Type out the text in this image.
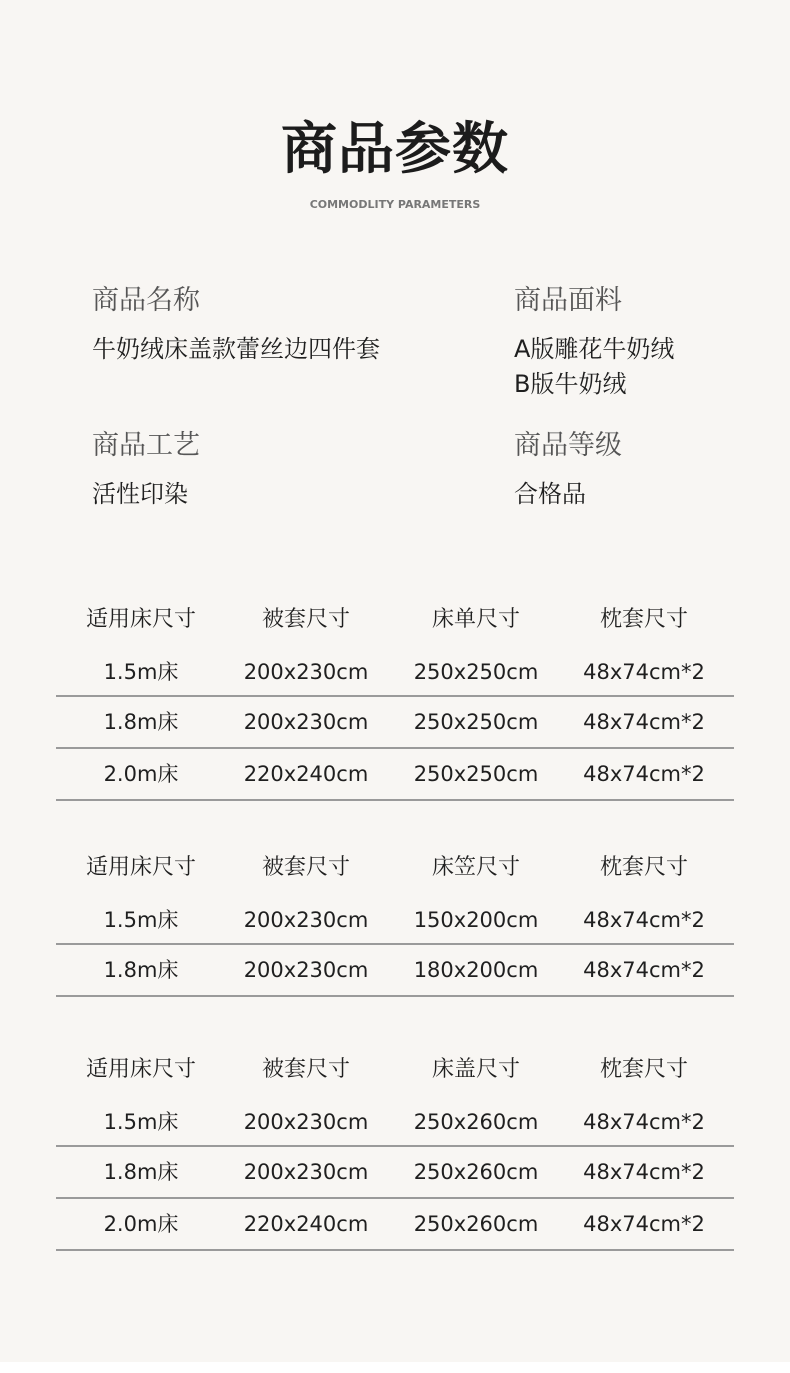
商品参数
COMMODLITY PARAMETERS
商品名称
牛奶绒床盖款蕾丝边四件套
商品面料
A版雕花牛奶绒
B版牛奶绒
商品工艺
活性印染
商品等级
合格品
适用床尺寸	被套尺寸	床单尺寸	枕套尺寸
1.5m床	200x230cm	250x250cm	48x74cm*2
1.8m床	200x230cm	250x250cm	48x74cm*2
2.0m床	220x240cm	250x250cm	48x74cm*2
适用床尺寸	被套尺寸	床笠尺寸	枕套尺寸
1.5m床	200x230cm	150x200cm	48x74cm*2
1.8m床	200x230cm	180x200cm	48x74cm*2
适用床尺寸	被套尺寸	床盖尺寸	枕套尺寸
1.5m床	200x230cm	250x260cm	48x74cm*2
1.8m床	200x230cm	250x260cm	48x74cm*2
2.0m床	220x240cm	250x260cm	48x74cm*2
